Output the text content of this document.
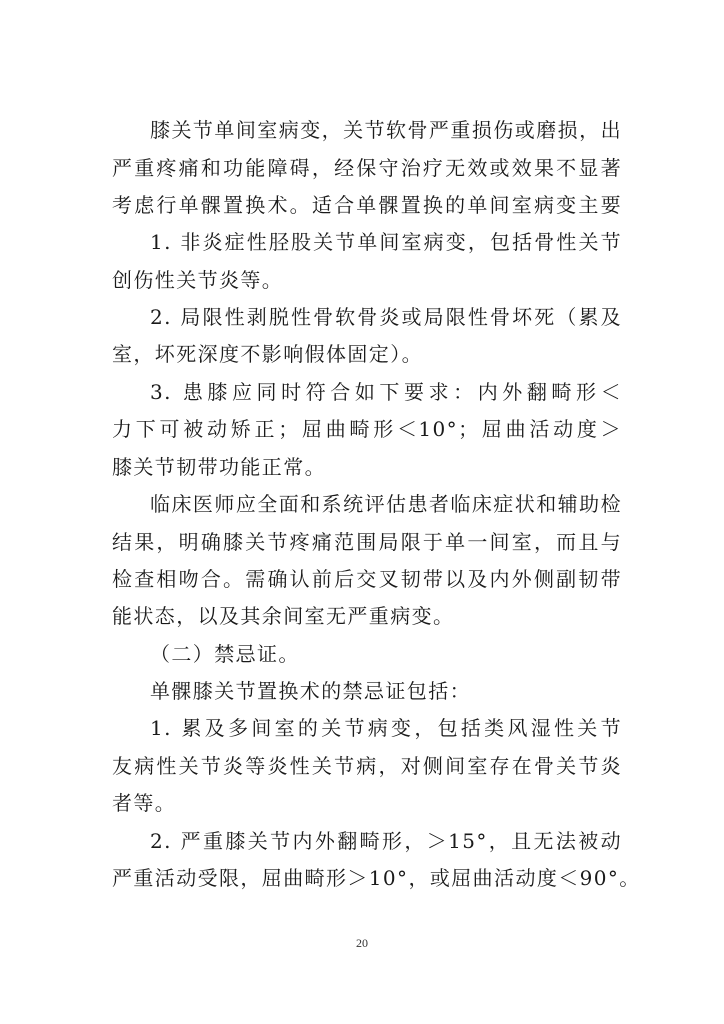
膝关节单间室病变，关节软骨严重损伤或磨损，出
严重疼痛和功能障碍，经保守治疗无效或效果不显著
考虑行单髁置换术。适合单髁置换的单间室病变主要
1. 非炎症性胫股关节单间室病变，包括骨性关节
创伤性关节炎等。
2. 局限性剥脱性骨软骨炎或局限性骨坏死（累及
室，坏死深度不影响假体固定）。
3. 患膝应同时符合如下要求：内外翻畸形＜
力下可被动矫正；屈曲畸形＜10°；屈曲活动度＞
膝关节韧带功能正常。
临床医师应全面和系统评估患者临床症状和辅助检
结果，明确膝关节疼痛范围局限于单一间室，而且与
检查相吻合。需确认前后交叉韧带以及内外侧副韧带
能状态，以及其余间室无严重病变。
（二）禁忌证。
单髁膝关节置换术的禁忌证包括：
1. 累及多间室的关节病变，包括类风湿性关节
友病性关节炎等炎性关节病，对侧间室存在骨关节炎
者等。
2. 严重膝关节内外翻畸形，＞15°，且无法被动
严重活动受限，屈曲畸形＞10°，或屈曲活动度＜90°。
20
